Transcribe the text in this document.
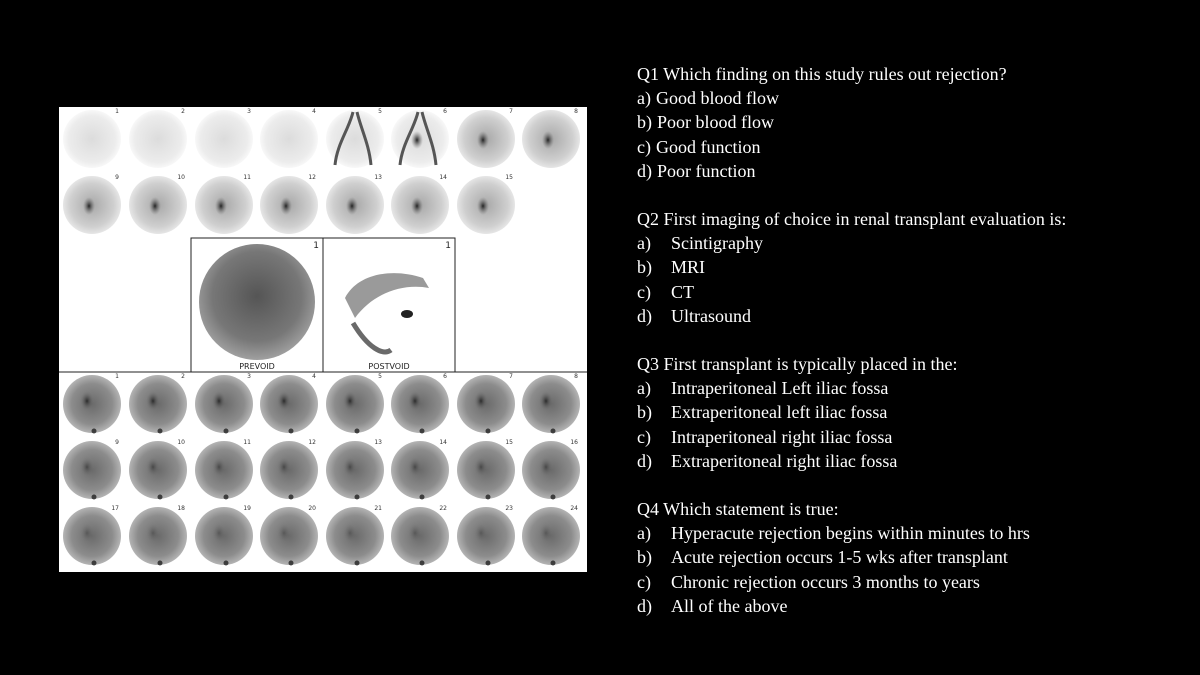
1	2	3	4	5	6	7	8
9	10	11	12	13	14	15
1
PREVOID
1
POSTVOID
1	2	3	4	5	6	7	8
9	10	11	12	13	14	15	16
17	18	19	20	21	22	23	24
Q1 Which finding on this study rules out rejection?
a) Good blood flow
b) Poor blood flow
c) Good function
d) Poor function
Q2 First imaging of choice in renal transplant evaluation is:
a)	Scintigraphy
b)	MRI
c)	CT
d)	Ultrasound
Q3 First transplant is typically placed in the:
a)	Intraperitoneal Left iliac fossa
b)	Extraperitoneal left iliac fossa
c)	Intraperitoneal right iliac fossa
d)	Extraperitoneal right iliac fossa
Q4 Which statement is true:
a)	Hyperacute rejection begins within minutes to hrs
b)	Acute rejection occurs 1-5 wks after transplant
c)	Chronic rejection occurs 3 months to years
d)	All of the above
